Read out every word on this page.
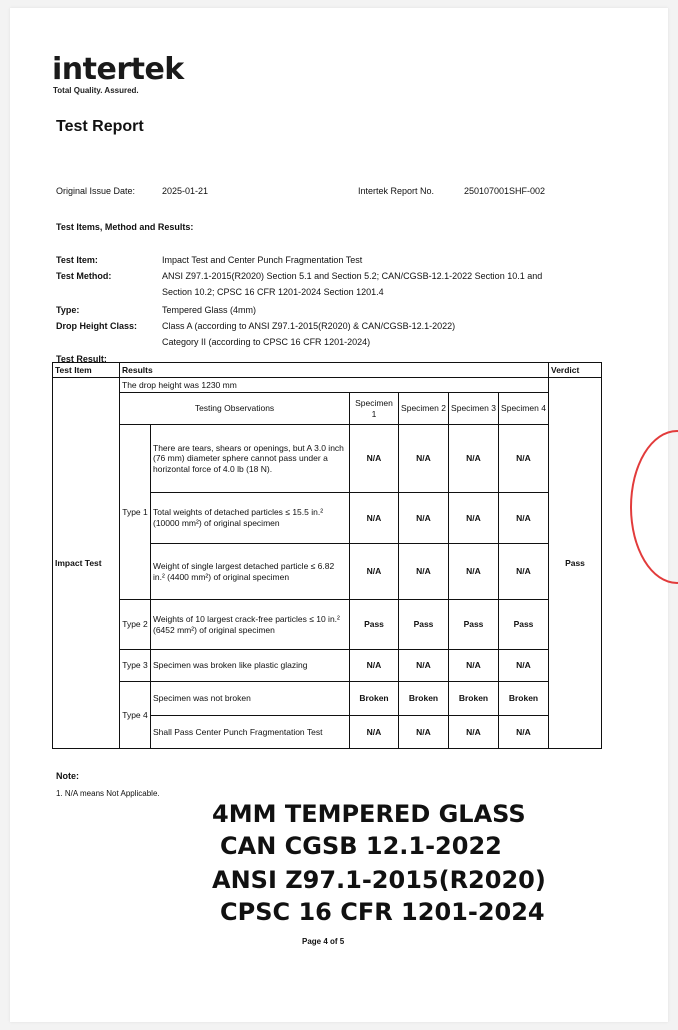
intertek
Total Quality. Assured.
Test Report
Original Issue Date:	2025-01-21	Intertek Report No.	250107001SHF-002
Test Items, Method and Results:
Test Item:	Impact Test and Center Punch Fragmentation Test
Test Method:	ANSI Z97.1-2015(R2020) Section 5.1 and Section 5.2; CAN/CGSB-12.1-2022 Section 10.1 and
Section 10.2; CPSC 16 CFR 1201-2024 Section 1201.4
Type:	Tempered Glass (4mm)
Drop Height Class:	Class A (according to ANSI Z97.1-2015(R2020) & CAN/CGSB-12.1-2022)
Category II (according to CPSC 16 CFR 1201-2024)
Test Result:
Test Item	Results						Verdict
Impact Test	The drop height was 1230 mm						Pass
	Testing Observations		Specimen 1	Specimen 2	Specimen 3	Specimen 4	
	Type 1	There are tears, shears or openings, but A 3.0 inch (76 mm) diameter sphere cannot pass under a horizontal force of 4.0 lb (18 N).	N/A	N/A	N/A	N/A	
		Total weights of detached particles ≤ 15.5 in.² (10000 mm²) of original specimen	N/A	N/A	N/A	N/A	
		Weight of single largest detached particle ≤ 6.82 in.² (4400 mm²) of original specimen	N/A	N/A	N/A	N/A	
	Type 2	Weights of 10 largest crack-free particles ≤ 10 in.² (6452 mm²) of original specimen	Pass	Pass	Pass	Pass	
	Type 3	Specimen was broken like plastic glazing	N/A	N/A	N/A	N/A	
	Type 4	Specimen was not broken	Broken	Broken	Broken	Broken	
		Shall Pass Center Punch Fragmentation Test	N/A	N/A	N/A	N/A	
Note:
1. N/A means Not Applicable.
4MM TEMPERED GLASS
CAN CGSB 12.1-2022
ANSI Z97.1-2015(R2020)
CPSC 16 CFR 1201-2024
Page 4 of 5
